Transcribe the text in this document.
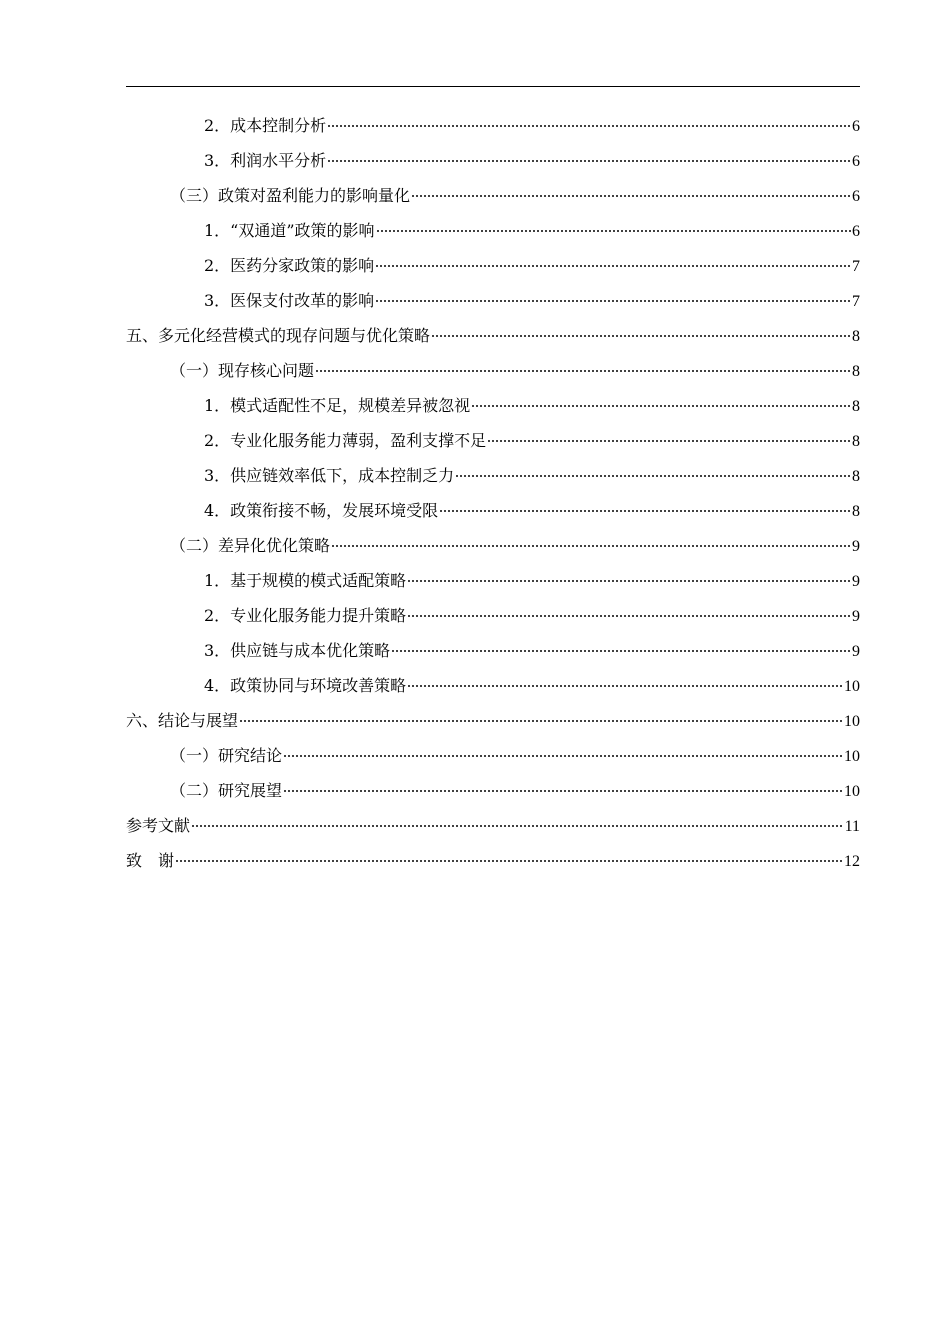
2．成本控制分析	6
3．利润水平分析	6
（三）政策对盈利能力的影响量化	6
1．“双通道”政策的影响	6
2．医药分家政策的影响	7
3．医保支付改革的影响	7
五、多元化经营模式的现存问题与优化策略	8
（一）现存核心问题	8
1．模式适配性不足，规模差异被忽视	8
2．专业化服务能力薄弱，盈利支撑不足	8
3．供应链效率低下，成本控制乏力	8
4．政策衔接不畅，发展环境受限	8
（二）差异化优化策略	9
1．基于规模的模式适配策略	9
2．专业化服务能力提升策略	9
3．供应链与成本优化策略	9
4．政策协同与环境改善策略	10
六、结论与展望	10
（一）研究结论	10
（二）研究展望	10
参考文献	11
致　谢	12
